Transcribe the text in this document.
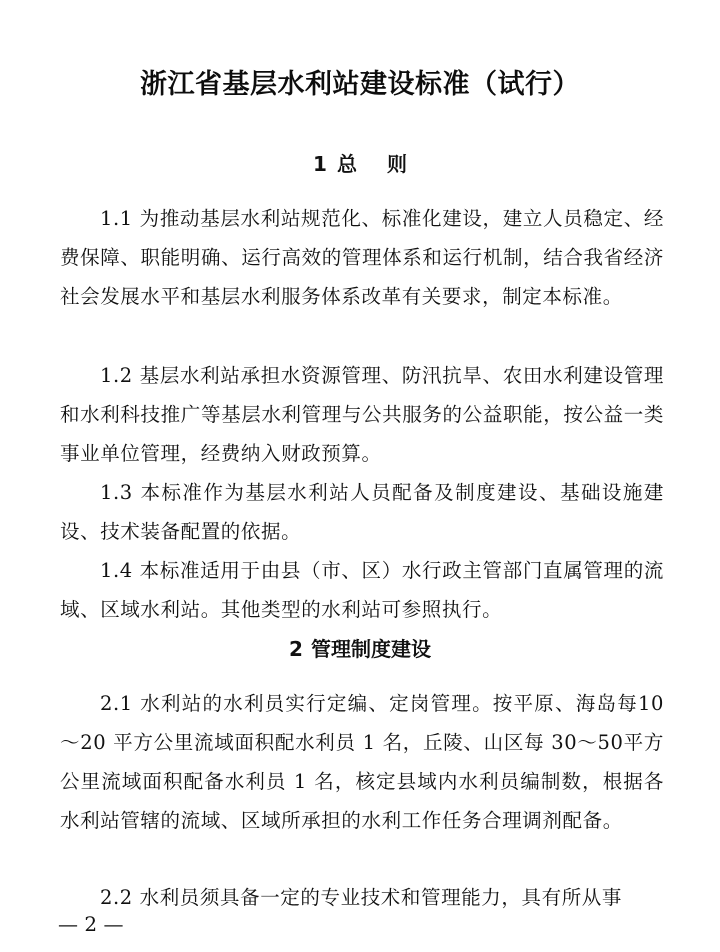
浙江省基层水利站建设标准（试行）
1 总 则

1.1 为推动基层水利站规范化、标准化建设，建立人员稳定、经费保障、职能明确、运行高效的管理体系和运行机制，结合我省经济社会发展水平和基层水利服务体系改革有关要求，制定本标准。

1.2 基层水利站承担水资源管理、防汛抗旱、农田水利建设管理和水利科技推广等基层水利管理与公共服务的公益职能，按公益一类事业单位管理，经费纳入财政预算。

1.3 本标准作为基层水利站人员配备及制度建设、基础设施建设、技术装备配置的依据。

1.4 本标准适用于由县（市、区）水行政主管部门直属管理的流域、区域水利站。其他类型的水利站可参照执行。

2 管理制度建设

2.1 水利站的水利员实行定编、定岗管理。按平原、海岛每10～20 平方公里流域面积配水利员 1 名，丘陵、山区每 30～50平方公里流域面积配备水利员 1 名，核定县域内水利员编制数，根据各水利站管辖的流域、区域所承担的水利工作任务合理调剂配备。

2.2 水利员须具备一定的专业技术和管理能力，具有所从事

— 2 —
